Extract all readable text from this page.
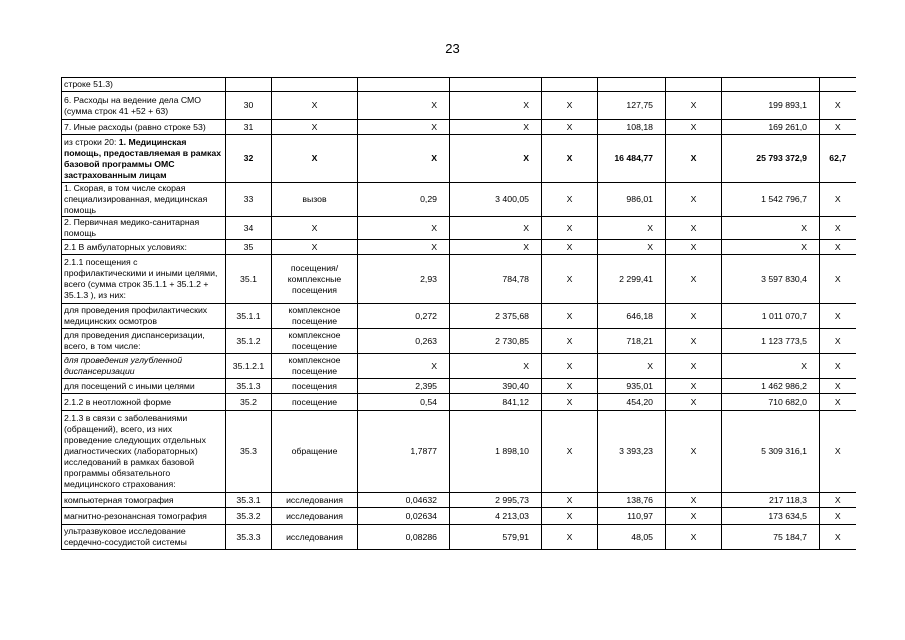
23
строке 51.3)									
6. Расходы на ведение дела СМО (сумма строк 41 +52 + 63)	30	Х	Х	Х	Х	127,75	Х	199 893,1	Х
7. Иные расходы (равно строке 53)	31	Х	Х	Х	Х	108,18	Х	169 261,0	Х
из строки 20: 1. Медицинская помощь, предоставляемая в рамках базовой программы ОМС застрахованным лицам	32	Х	Х	Х	Х	16 484,77	Х	25 793 372,9	62,7
1. Скорая, в том числе скорая специализированная, медицинская помощь	33	вызов	0,29	3 400,05	Х	986,01	Х	1 542 796,7	Х
2. Первичная медико-санитарная помощь	34	Х	Х	Х	Х	Х	Х	Х	Х
2.1 В амбулаторных условиях:	35	Х	Х	Х	Х	Х	Х	Х	Х
2.1.1 посещения с профилактическими и иными целями, всего (сумма строк 35.1.1 + 35.1.2 + 35.1.3 ), из них:	35.1	посещения/ комплексные посещения	2,93	784,78	Х	2 299,41	Х	3 597 830,4	Х
для проведения профилактических медицинских осмотров	35.1.1	комплексное посещение	0,272	2 375,68	Х	646,18	Х	1 011 070,7	Х
для проведения диспансеризации, всего, в том числе:	35.1.2	комплексное посещение	0,263	2 730,85	Х	718,21	Х	1 123 773,5	Х
для проведения углубленной диспансеризации	35.1.2.1	комплексное посещение	Х	Х	Х	Х	Х	Х	Х
для посещений с иными целями	35.1.3	посещения	2,395	390,40	Х	935,01	Х	1 462 986,2	Х
2.1.2 в неотложной форме	35.2	посещение	0,54	841,12	Х	454,20	Х	710 682,0	Х
2.1.3 в связи с заболеваниями (обращений), всего, из них проведение следующих отдельных диагностических (лабораторных) исследований в рамках базовой программы обязательного медицинского страхования:	35.3	обращение	1,7877	1 898,10	Х	3 393,23	Х	5 309 316,1	Х
компьютерная томография	35.3.1	исследования	0,04632	2 995,73	Х	138,76	Х	217 118,3	Х
магнитно-резонансная томография	35.3.2	исследования	0,02634	4 213,03	Х	110,97	Х	173 634,5	Х
ультразвуковое исследование сердечно-сосудистой системы	35.3.3	исследования	0,08286	579,91	Х	48,05	Х	75 184,7	Х
